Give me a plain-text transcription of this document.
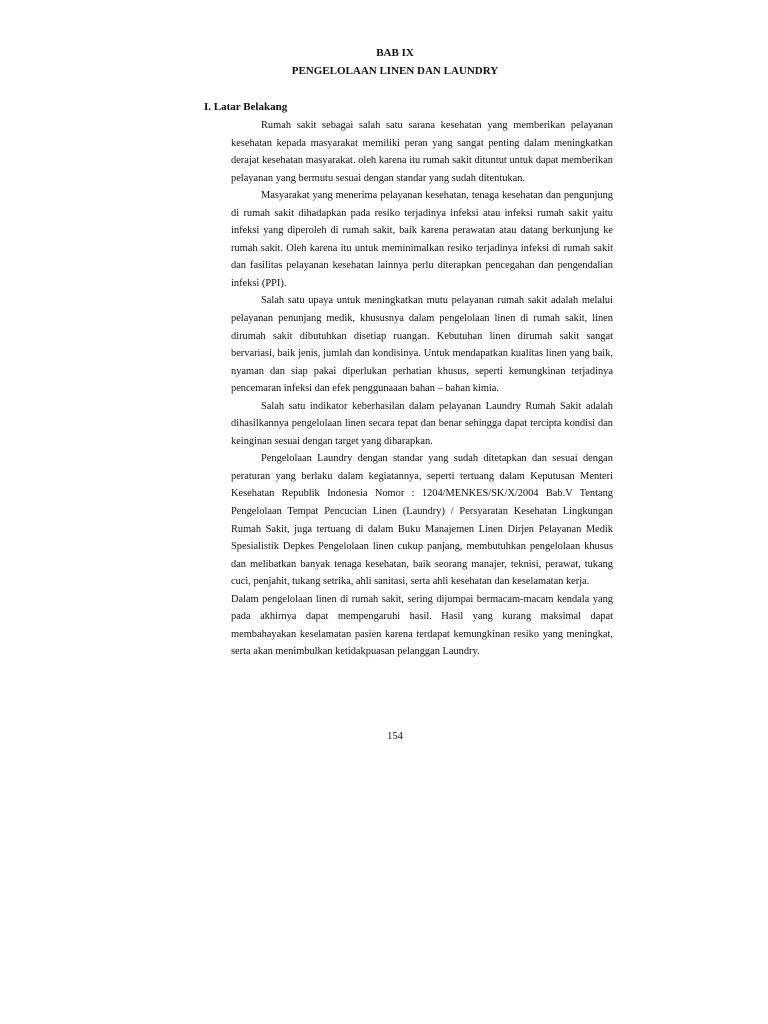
BAB IX
PENGELOLAAN LINEN DAN LAUNDRY
I. Latar Belakang

Rumah sakit sebagai salah satu sarana kesehatan yang memberikan pelayanan kesehatan kepada masyarakat memiliki peran yang sangat penting dalam meningkatkan derajat kesehatan masyarakat. oleh karena itu rumah sakit dituntut untuk dapat memberikan pelayanan yang bermutu sesuai dengan standar yang sudah ditentukan.

Masyarakat yang menerima pelayanan kesehatan, tenaga kesehatan dan pengunjung di rumah sakit dihadapkan pada resiko terjadinya infeksi atau infeksi rumah sakit yaitu infeksi yang diperoleh di rumah sakit, baik karena perawatan atau datang berkunjung ke rumah sakit. Oleh karena itu untuk meminimalkan resiko terjadinya infeksi di rumah sakit dan fasilitas pelayanan kesehatan lainnya perlu diterapkan pencegahan dan pengendalian infeksi (PPI).

Salah satu upaya untuk meningkatkan mutu pelayanan rumah sakit adalah melalui pelayanan penunjang medik, khususnya dalam pengelolaan linen di rumah sakit, linen dirumah sakit dibutuhkan disetiap ruangan. Kebutuhan linen dirumah sakit sangat bervariasi, baik jenis, jumlah dan kondisinya. Untuk mendapatkan kualitas linen yang baik, nyaman dan siap pakai diperlukan perhatian khusus, seperti kemungkinan terjadinya pencemaran infeksi dan efek penggunaaan bahan – bahan kimia.

Salah satu indikator keberhasilan dalam pelayanan Laundry Rumah Sakit adalah dihasilkannya pengelolaan linen secara tepat dan benar sehingga dapat tercipta kondisi dan keinginan sesuai dengan target yang diharapkan.

Pengelolaan Laundry dengan standar yang sudah ditetapkan dan sesuai dengan peraturan yang berlaku dalam kegiatannya, seperti tertuang dalam Keputusan Menteri Kesehatan Republik Indonesia Nomor : 1204/MENKES/SK/X/2004 Bab.V Tentang Pengelolaan Tempat Pencucian Linen (Laundry) / Persyaratan Kesehatan Lingkungan Rumah Sakit, juga tertuang di dalam Buku Manajemen Linen Dirjen Pelayanan Medik Spesialistik Depkes Pengelolaan linen cukup panjang, membutuhkan pengelolaan khusus dan melibatkan banyak tenaga kesehatan, baik seorang manajer, teknisi, perawat, tukang cuci, penjahit, tukang setrika, ahli sanitasi, serta ahli kesehatan dan keselamatan kerja.

Dalam pengelolaan linen di rumah sakit, sering dijumpai bermacam-macam kendala yang pada akhirnya dapat mempengaruhi hasil. Hasil yang kurang maksimal dapat membahayakan keselamatan pasien karena terdapat kemungkinan resiko yang meningkat, serta akan menimbulkan ketidakpuasan pelanggan Laundry.

154
